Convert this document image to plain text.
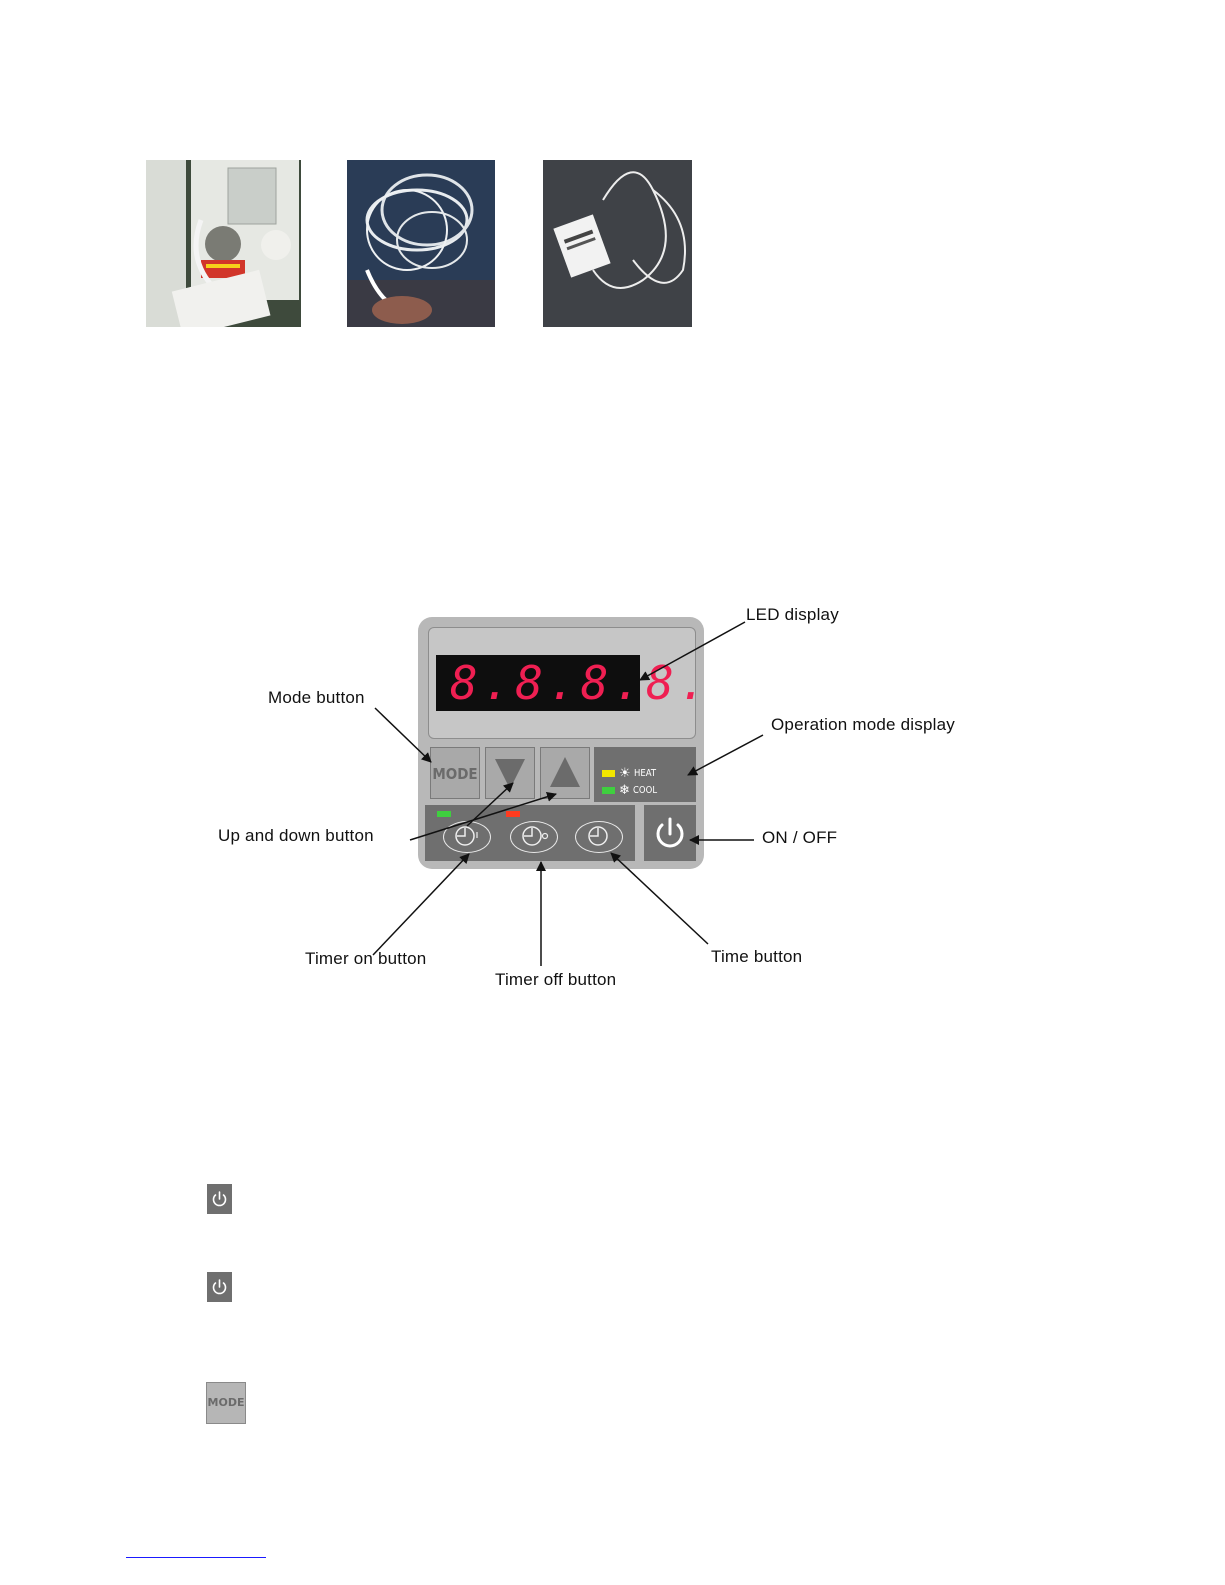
8.8.8.8.
MODE	☀ HEAT
❄ COOL
LED display
Mode button
Operation mode display
Up and down button	ON / OFF
Timer on button
Timer off button
Time button
MODE
